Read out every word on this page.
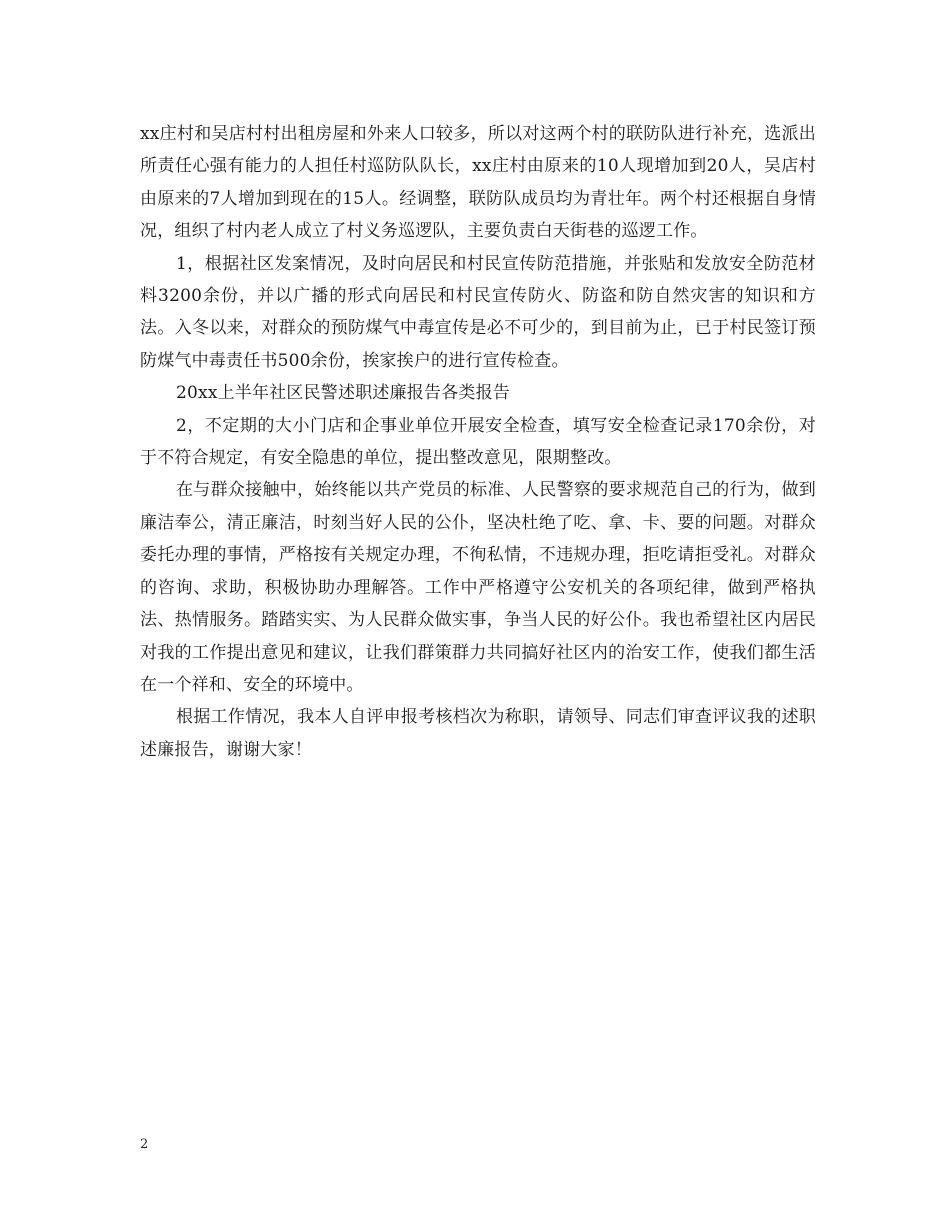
xx庄村和吴店村村出租房屋和外来人口较多，所以对这两个村的联防队进行补充，选派出所责任心强有能力的人担任村巡防队队长，xx庄村由原来的10人现增加到20人，吴店村由原来的7人增加到现在的15人。经调整，联防队成员均为青壮年。两个村还根据自身情况，组织了村内老人成立了村义务巡逻队，主要负责白天街巷的巡逻工作。

1，根据社区发案情况，及时向居民和村民宣传防范措施，并张贴和发放安全防范材料3200余份，并以广播的形式向居民和村民宣传防火、防盗和防自然灾害的知识和方法。入冬以来，对群众的预防煤气中毒宣传是必不可少的，到目前为止，已于村民签订预防煤气中毒责任书500余份，挨家挨户的进行宣传检查。

20xx上半年社区民警述职述廉报告各类报告

2，不定期的大小门店和企事业单位开展安全检查，填写安全检查记录170余份，对于不符合规定，有安全隐患的单位，提出整改意见，限期整改。

在与群众接触中，始终能以共产党员的标准、人民警察的要求规范自己的行为，做到廉洁奉公，清正廉洁，时刻当好人民的公仆，坚决杜绝了吃、拿、卡、要的问题。对群众委托办理的事情，严格按有关规定办理，不徇私情，不违规办理，拒吃请拒受礼。对群众的咨询、求助，积极协助办理解答。工作中严格遵守公安机关的各项纪律，做到严格执法、热情服务。踏踏实实、为人民群众做实事，争当人民的好公仆。我也希望社区内居民对我的工作提出意见和建议，让我们群策群力共同搞好社区内的治安工作，使我们都生活在一个祥和、安全的环境中。

根据工作情况，我本人自评申报考核档次为称职，请领导、同志们审查评议我的述职述廉报告，谢谢大家！

2
